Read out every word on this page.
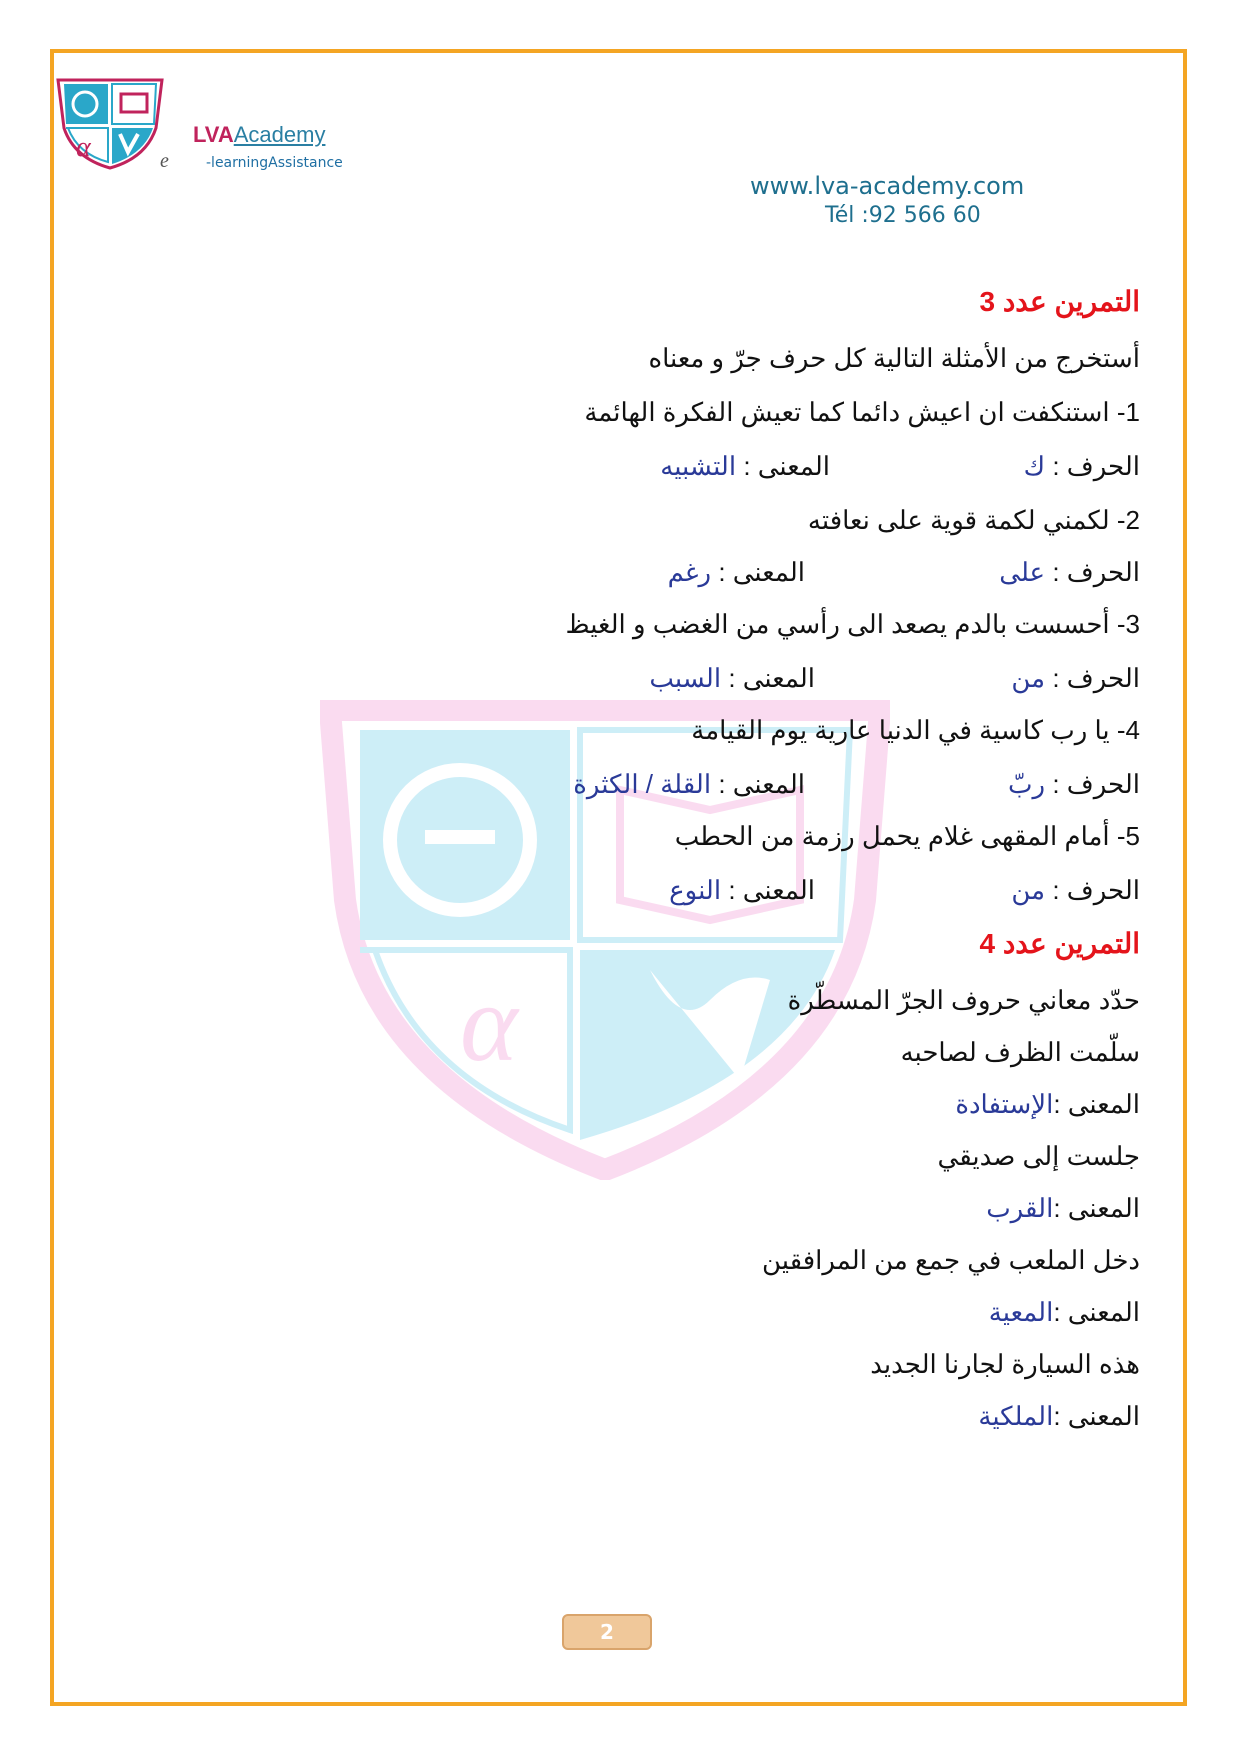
α
α	LVAAcademy
e	-learningAssistance
www.lva-academy.com
Tél :92 566 60
التمرين عدد 3
أستخرج من الأمثلة التالية كل حرف جرّ و معناه
1- استنكفت ان اعيش دائما كما تعيش الفكرة الهائمة
الحرف : ك
المعنى : التشبيه
2- لكمني لكمة قوية على نعافته
الحرف : على
المعنى : رغم
3- أحسست بالدم يصعد الى رأسي من الغضب و الغيظ
الحرف : من
المعنى : السبب
4- يا رب كاسية في الدنيا عارية يوم القيامة
الحرف : ربّ
المعنى : القلة / الكثرة
5- أمام المقهى غلام يحمل رزمة من الحطب
الحرف : من
المعنى : النوع
التمرين عدد 4
حدّد معاني حروف الجرّ المسطّرة
سلّمت الظرف لصاحبه
المعنى :الإستفادة
جلست إلى صديقي
المعنى :القرب
دخل الملعب في جمع من المرافقين
المعنى :المعية
هذه السيارة لجارنا الجديد
المعنى :الملكية
2
